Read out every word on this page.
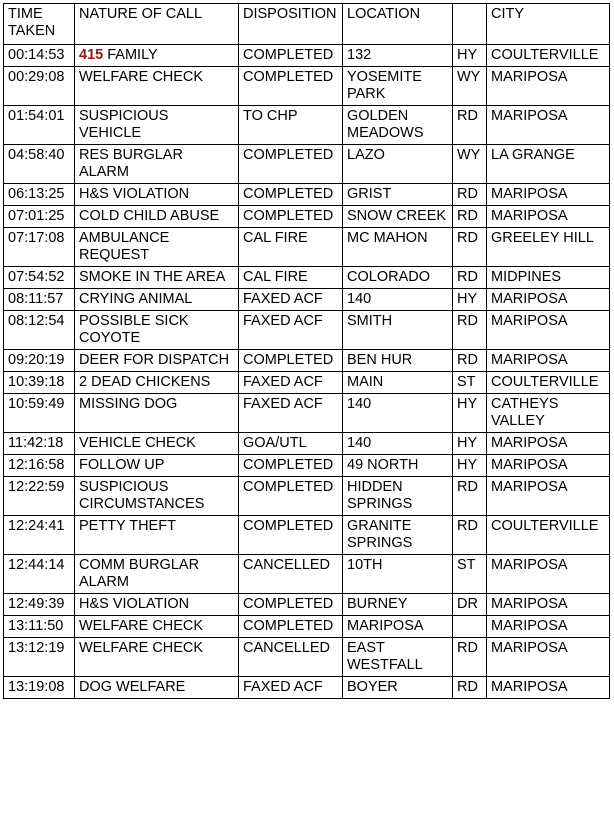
TIME TAKEN	NATURE OF CALL	DISPOSITION	LOCATION		CITY
00:14:53	415 FAMILY	COMPLETED	132	HY	COULTERVILLE
00:29:08	WELFARE CHECK	COMPLETED	YOSEMITE PARK	WY	MARIPOSA
01:54:01	SUSPICIOUS VEHICLE	TO CHP	GOLDEN MEADOWS	RD	MARIPOSA
04:58:40	RES BURGLAR ALARM	COMPLETED	LAZO	WY	LA GRANGE
06:13:25	H&S VIOLATION	COMPLETED	GRIST	RD	MARIPOSA
07:01:25	COLD CHILD ABUSE	COMPLETED	SNOW CREEK	RD	MARIPOSA
07:17:08	AMBULANCE REQUEST	CAL FIRE	MC MAHON	RD	GREELEY HILL
07:54:52	SMOKE IN THE AREA	CAL FIRE	COLORADO	RD	MIDPINES
08:11:57	CRYING ANIMAL	FAXED ACF	140	HY	MARIPOSA
08:12:54	POSSIBLE SICK COYOTE	FAXED ACF	SMITH	RD	MARIPOSA
09:20:19	DEER FOR DISPATCH	COMPLETED	BEN HUR	RD	MARIPOSA
10:39:18	2 DEAD CHICKENS	FAXED ACF	MAIN	ST	COULTERVILLE
10:59:49	MISSING DOG	FAXED ACF	140	HY	CATHEYS VALLEY
11:42:18	VEHICLE CHECK	GOA/UTL	140	HY	MARIPOSA
12:16:58	FOLLOW UP	COMPLETED	49 NORTH	HY	MARIPOSA
12:22:59	SUSPICIOUS CIRCUMSTANCES	COMPLETED	HIDDEN SPRINGS	RD	MARIPOSA
12:24:41	PETTY THEFT	COMPLETED	GRANITE SPRINGS	RD	COULTERVILLE
12:44:14	COMM BURGLAR ALARM	CANCELLED	10TH	ST	MARIPOSA
12:49:39	H&S VIOLATION	COMPLETED	BURNEY	DR	MARIPOSA
13:11:50	WELFARE CHECK	COMPLETED	MARIPOSA		MARIPOSA
13:12:19	WELFARE CHECK	CANCELLED	EAST WESTFALL	RD	MARIPOSA
13:19:08	DOG WELFARE	FAXED ACF	BOYER	RD	MARIPOSA
